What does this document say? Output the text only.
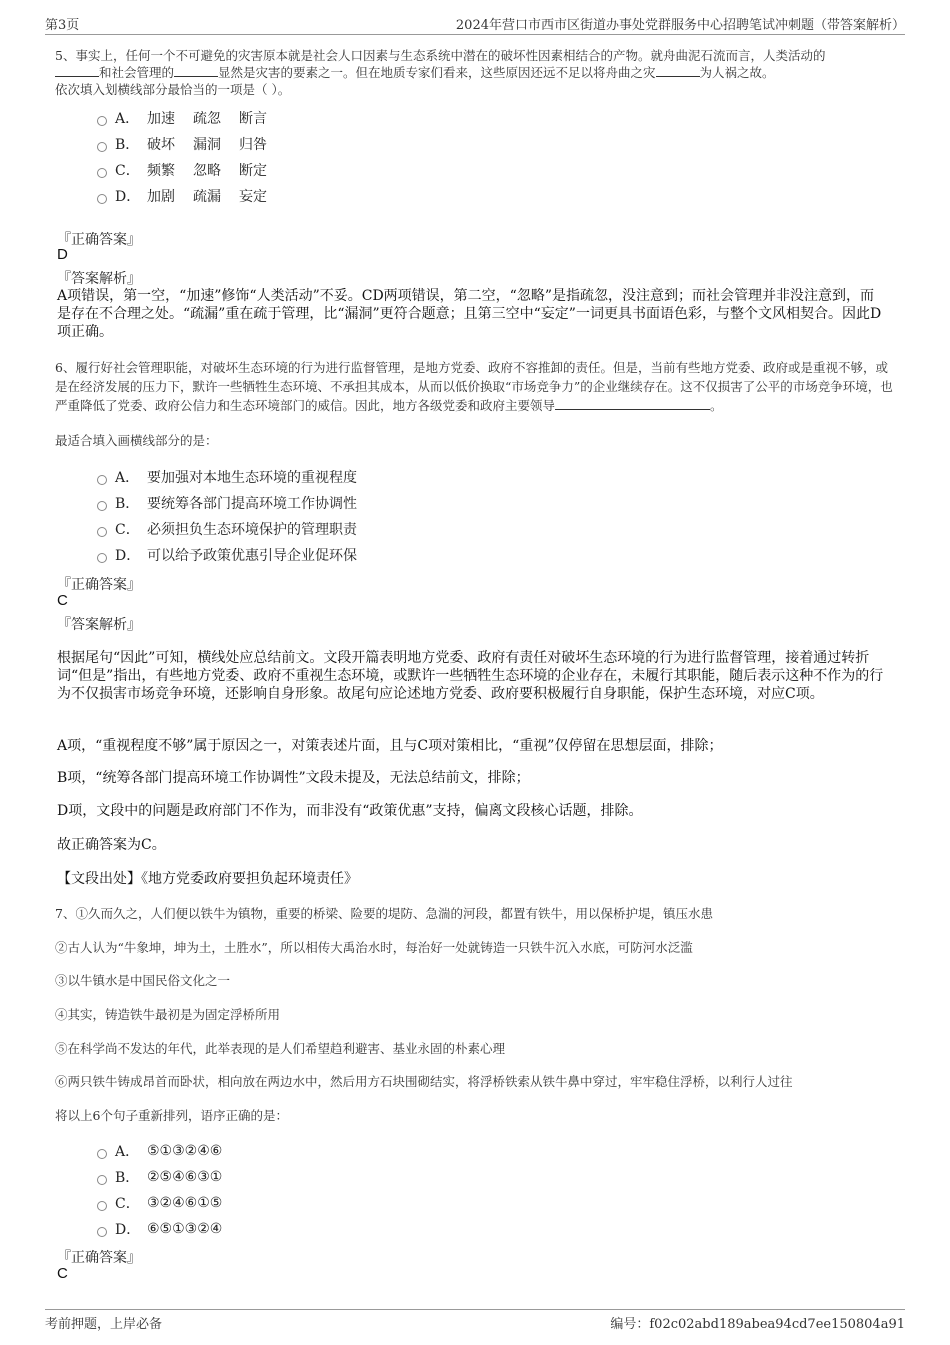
第3页	2024年营口市西市区街道办事处党群服务中心招聘笔试冲刺题（带答案解析）
5、事实上，任何一个不可避免的灾害原本就是社会人口因素与生态系统中潜在的破坏性因素相结合的产物。就舟曲泥石流而言，人类活动的
和社会管理的	显然是灾害的要素之一。但在地质专家们看来，这些原因还远不足以将舟曲之灾	为人祸之故。
依次填入划横线部分最恰当的一项是（ ）。
A． 加速 疏忽 断言
B． 破坏 漏洞 归咎
C． 频繁 忽略 断定
D． 加剧 疏漏 妄定
『正确答案』
D
『答案解析』

A项错误，第一空，“加速”修饰“人类活动”不妥。CD两项错误，第二空，“忽略”是指疏忽，没注意到；而社会管理并非没注意到，而是存在不合理之处。“疏漏”重在疏于管理，比“漏洞”更符合题意；且第三空中“妄定”一词更具书面语色彩，与整个文风相契合。因此D项正确。

6、履行好社会管理职能，对破坏生态环境的行为进行监督管理，是地方党委、政府不容推卸的责任。但是，当前有些地方党委、政府或是重视不够，或是在经济发展的压力下，默许一些牺牲生态环境、不承担其成本，从而以低价换取“市场竞争力”的企业继续存在。这不仅损害了公平的市场竞争环境，也严重降低了党委、政府公信力和生态环境部门的威信。因此，地方各级党委和政府主要领导	。

最适合填入画横线部分的是：
A． 要加强对本地生态环境的重视程度
B． 要统筹各部门提高环境工作协调性
C． 必须担负生态环境保护的管理职责
D． 可以给予政策优惠引导企业促环保
『正确答案』
C
『答案解析』

根据尾句“因此”可知，横线处应总结前文。文段开篇表明地方党委、政府有责任对破坏生态环境的行为进行监督管理，接着通过转折词“但是”指出，有些地方党委、政府不重视生态环境，或默许一些牺牲生态环境的企业存在，未履行其职能，随后表示这种不作为的行为不仅损害市场竞争环境，还影响自身形象。故尾句应论述地方党委、政府要积极履行自身职能，保护生态环境，对应C项。

A项，“重视程度不够”属于原因之一，对策表述片面，且与C项对策相比，“重视”仅停留在思想层面，排除；

B项，“统筹各部门提高环境工作协调性”文段未提及，无法总结前文，排除；

D项，文段中的问题是政府部门不作为，而非没有“政策优惠”支持，偏离文段核心话题，排除。

故正确答案为C。

【文段出处】《地方党委政府要担负起环境责任》

7、①久而久之，人们便以铁牛为镇物，重要的桥梁、险要的堤防、急湍的河段，都置有铁牛，用以保桥护堤，镇压水患
②古人认为“牛象坤，坤为土，土胜水”，所以相传大禹治水时，每治好一处就铸造一只铁牛沉入水底，可防河水泛滥
③以牛镇水是中国民俗文化之一
④其实，铸造铁牛最初是为固定浮桥所用
⑤在科学尚不发达的年代，此举表现的是人们希望趋利避害、基业永固的朴素心理
⑥两只铁牛铸成昂首而卧状，相向放在两边水中，然后用方石块围砌结实，将浮桥铁索从铁牛鼻中穿过，牢牢稳住浮桥，以利行人过往
将以上6个句子重新排列，语序正确的是：
A． ⑤①③②④⑥
B． ②⑤④⑥③①
C． ③②④⑥①⑤
D． ⑥⑤①③②④
『正确答案』
C
考前押题，上岸必备	编号：f02c02abd189abea94cd7ee150804a91
